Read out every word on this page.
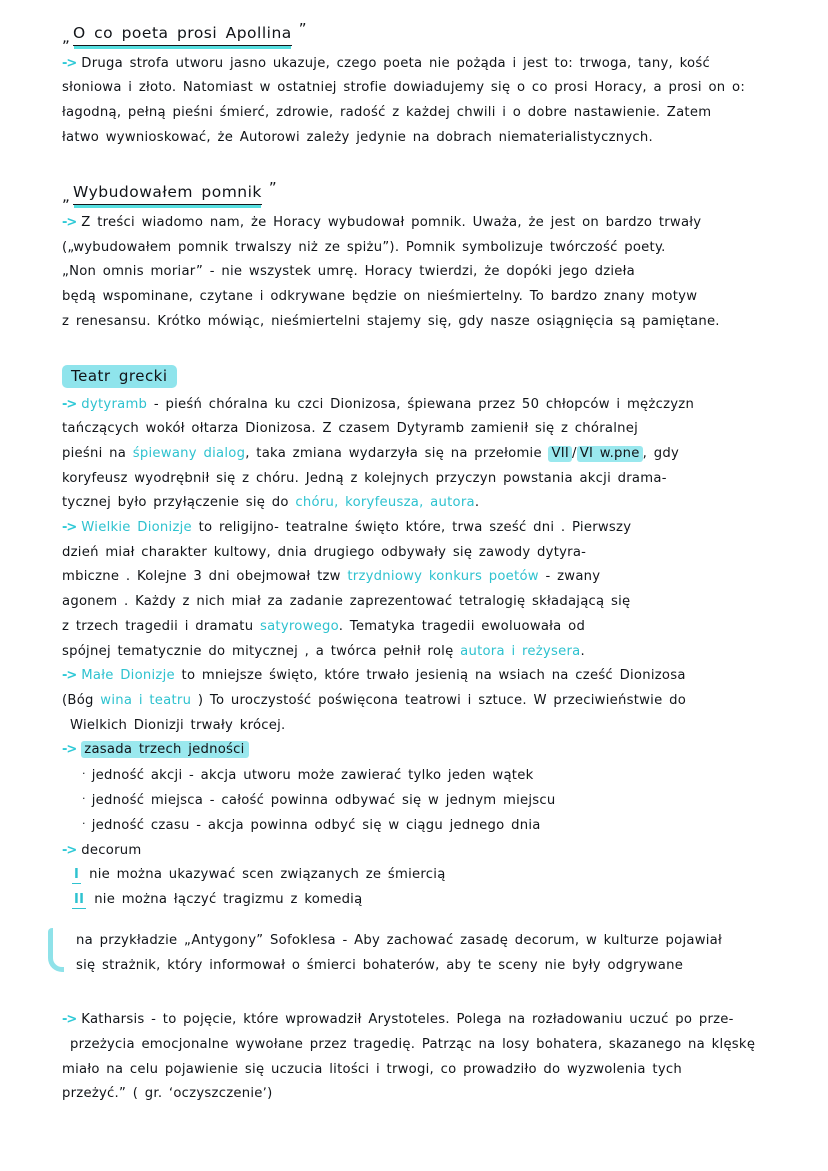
„ O co poeta prosi Apollina ”
-> Druga strofa utworu jasno ukazuje, czego poeta nie pożąda i jest to: trwoga, tany, kość
słoniowa i złoto. Natomiast w ostatniej strofie dowiadujemy się o co prosi Horacy, a prosi on o:
łagodną, pełną pieśni śmierć, zdrowie, radość z każdej chwili i o dobre nastawienie. Zatem
łatwo wywnioskować, że Autorowi zależy jedynie na dobrach niematerialistycznych.
„ Wybudowałem pomnik ”
-> Z treści wiadomo nam, że Horacy wybudował pomnik. Uważa, że jest on bardzo trwały
(„wybudowałem pomnik trwalszy niż ze spiżu”). Pomnik symbolizuje twórczość poety.
„Non omnis moriar” - nie wszystek umrę. Horacy twierdzi, że dopóki jego dzieła
będą wspominane, czytane i odkrywane będzie on nieśmiertelny. To bardzo znany motyw
z renesansu. Krótko mówiąc, nieśmiertelni stajemy się, gdy nasze osiągnięcia są pamiętane.
Teatr grecki
-> dytyramb - pieśń chóralna ku czci Dionizosa, śpiewana przez 50 chłopców i mężczyzn
tańczących wokół ołtarza Dionizosa. Z czasem Dytyramb zamienił się z chóralnej
pieśni na śpiewany dialog, taka zmiana wydarzyła się na przełomie VII / VI w.pne , gdy
koryfeusz wyodrębnił się z chóru. Jedną z kolejnych przyczyn powstania akcji drama-
tycznej było przyłączenie się do chóru, koryfeusza, autora.
-> Wielkie Dionizje to religijno- teatralne święto które, trwa sześć dni . Pierwszy
dzień miał charakter kultowy, dnia drugiego odbywały się zawody dytyra-
mbiczne . Kolejne 3 dni obejmował tzw trzydniowy konkurs poetów - zwany
agonem . Każdy z nich miał za zadanie zaprezentować tetralogię składającą się
z trzech tragedii i dramatu satyrowego. Tematyka tragedii ewoluowała od
spójnej tematycznie do mitycznej , a twórca pełnił rolę autora i reżysera.
-> Małe Dionizje to mniejsze święto, które trwało jesienią na wsiach na cześć Dionizosa
(Bóg wina i teatru ) To uroczystość poświęcona teatrowi i sztuce. W przeciwieństwie do
Wielkich Dionizji trwały krócej.
-> zasada trzech jedności
· jedność akcji - akcja utworu może zawierać tylko jeden wątek
· jedność miejsca - całość powinna odbywać się w jednym miejscu
· jedność czasu - akcja powinna odbyć się w ciągu jednego dnia
-> decorum
I nie można ukazywać scen związanych ze śmiercią
II nie można łączyć tragizmu z komedią
na przykładzie „Antygony” Sofoklesa - Aby zachować zasadę decorum, w kulturze pojawiał
się strażnik, który informował o śmierci bohaterów, aby te sceny nie były odgrywane
-> Katharsis - to pojęcie, które wprowadził Arystoteles. Polega na rozładowaniu uczuć po prze-
przeżycia emocjonalne wywołane przez tragedię. Patrząc na losy bohatera, skazanego na klęskę
miało na celu pojawienie się uczucia litości i trwogi, co prowadziło do wyzwolenia tych
przeżyć.” ( gr. ʻoczyszczenieʼ)
